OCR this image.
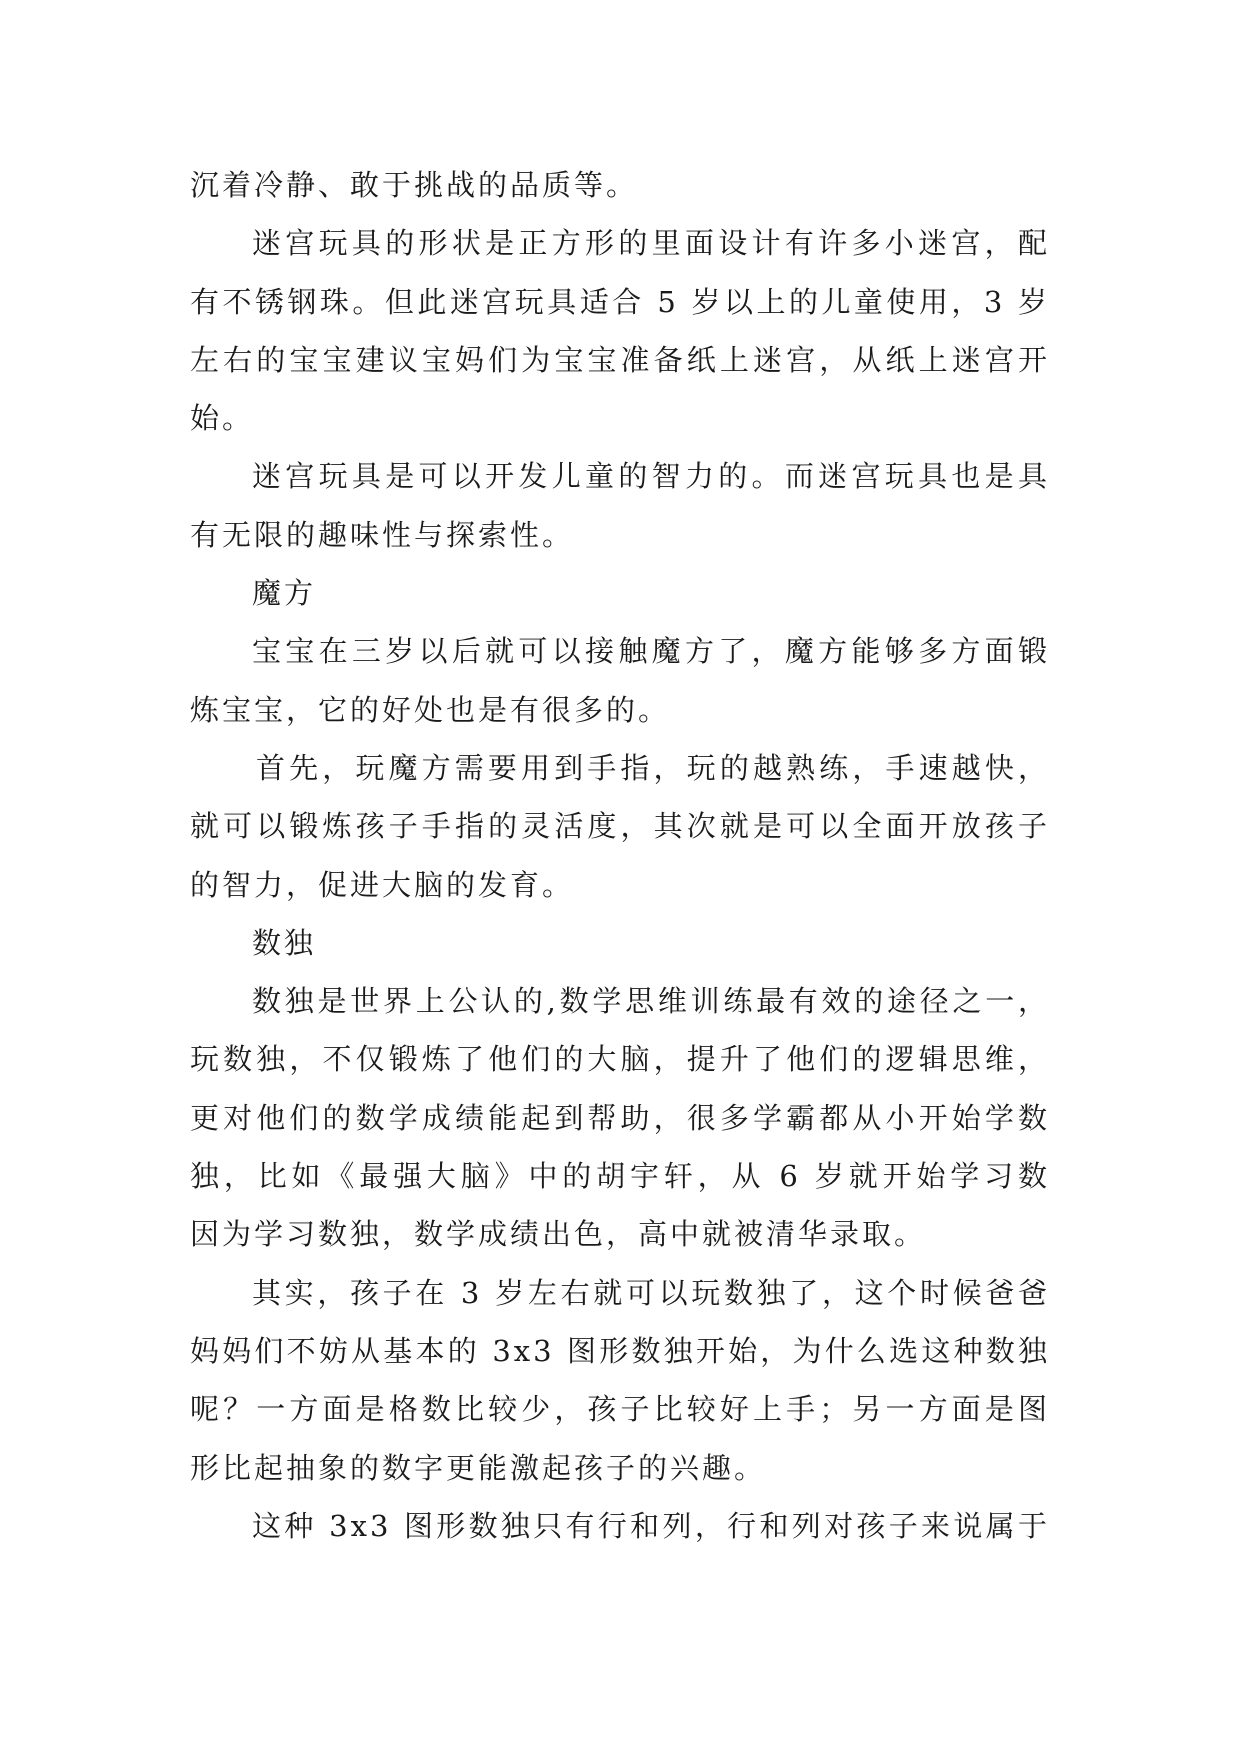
沉着冷静、敢于挑战的品质等。
迷宫玩具的形状是正方形的里面设计有许多小迷宫，配
有不锈钢珠。但此迷宫玩具适合 5 岁以上的儿童使用，3 岁
左右的宝宝建议宝妈们为宝宝准备纸上迷宫，从纸上迷宫开
始。
迷宫玩具是可以开发儿童的智力的。而迷宫玩具也是具
有无限的趣味性与探索性。
魔方
宝宝在三岁以后就可以接触魔方了，魔方能够多方面锻
炼宝宝，它的好处也是有很多的。
首先，玩魔方需要用到手指，玩的越熟练，手速越快，
就可以锻炼孩子手指的灵活度，其次就是可以全面开放孩子
的智力，促进大脑的发育。
数独
数独是世界上公认的,数学思维训练最有效的途径之一，
玩数独，不仅锻炼了他们的大脑，提升了他们的逻辑思维，
更对他们的数学成绩能起到帮助，很多学霸都从小开始学数
独，比如《最强大脑》中的胡宇轩，从 6 岁就开始学习数
因为学习数独，数学成绩出色，高中就被清华录取。
其实，孩子在 3 岁左右就可以玩数独了，这个时候爸爸
妈妈们不妨从基本的 3x3 图形数独开始，为什么选这种数独
呢？一方面是格数比较少，孩子比较好上手；另一方面是图
形比起抽象的数字更能激起孩子的兴趣。
这种 3x3 图形数独只有行和列，行和列对孩子来说属于
